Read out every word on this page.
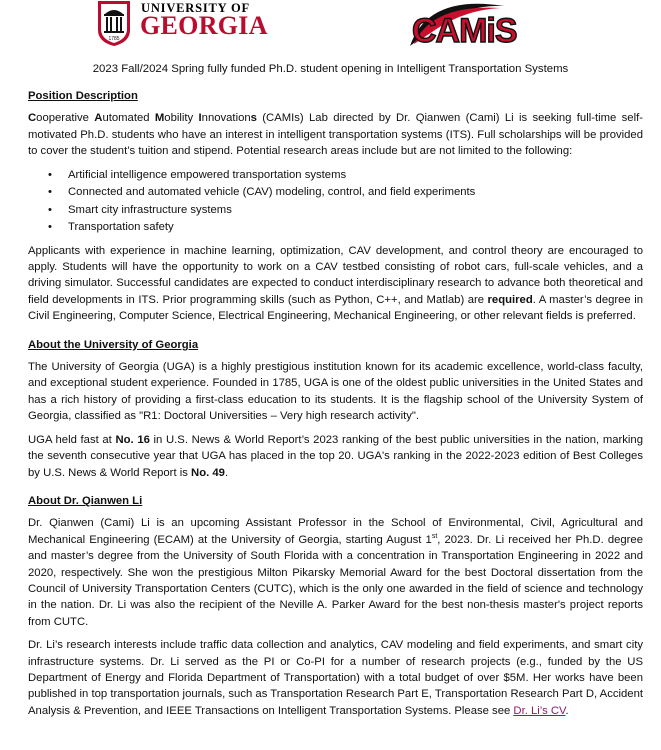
1785
UNIVERSITY OF
GEORGIA	CAMiS
2023 Fall/2024 Spring fully funded Ph.D. student opening in Intelligent Transportation Systems
Position Description

Cooperative Automated Mobility Innovations (CAMIs) Lab directed by Dr. Qianwen (Cami) Li is seeking full-time self-motivated Ph.D. students who have an interest in intelligent transportation systems (ITS). Full scholarships will be provided to cover the student’s tuition and stipend. Potential research areas include but are not limited to the following:

• Artificial intelligence empowered transportation systems
• Connected and automated vehicle (CAV) modeling, control, and field experiments
• Smart city infrastructure systems
• Transportation safety

Applicants with experience in machine learning, optimization, CAV development, and control theory are encouraged to apply. Students will have the opportunity to work on a CAV testbed consisting of robot cars, full-scale vehicles, and a driving simulator. Successful candidates are expected to conduct interdisciplinary research to advance both theoretical and field developments in ITS. Prior programming skills (such as Python, C++, and Matlab) are required. A master’s degree in Civil Engineering, Computer Science, Electrical Engineering, Mechanical Engineering, or other relevant fields is preferred.

About the University of Georgia

The University of Georgia (UGA) is a highly prestigious institution known for its academic excellence, world-class faculty, and exceptional student experience. Founded in 1785, UGA is one of the oldest public universities in the United States and has a rich history of providing a first-class education to its students. It is the flagship school of the University System of Georgia, classified as "R1: Doctoral Universities – Very high research activity".

UGA held fast at No. 16 in U.S. News & World Report’s 2023 ranking of the best public universities in the nation, marking the seventh consecutive year that UGA has placed in the top 20. UGA's ranking in the 2022-2023 edition of Best Colleges by U.S. News & World Report is No. 49.

About Dr. Qianwen Li

Dr. Qianwen (Cami) Li is an upcoming Assistant Professor in the School of Environmental, Civil, Agricultural and Mechanical Engineering (ECAM) at the University of Georgia, starting August 1st, 2023. Dr. Li received her Ph.D. degree and master’s degree from the University of South Florida with a concentration in Transportation Engineering in 2022 and 2020, respectively. She won the prestigious Milton Pikarsky Memorial Award for the best Doctoral dissertation from the Council of University Transportation Centers (CUTC), which is the only one awarded in the field of science and technology in the nation. Dr. Li was also the recipient of the Neville A. Parker Award for the best non-thesis master's project reports from CUTC.

Dr. Li’s research interests include traffic data collection and analytics, CAV modeling and field experiments, and smart city infrastructure systems. Dr. Li served as the PI or Co-PI for a number of research projects (e.g., funded by the US Department of Energy and Florida Department of Transportation) with a total budget of over $5M. Her works have been published in top transportation journals, such as Transportation Research Part E, Transportation Research Part D, Accident Analysis & Prevention, and IEEE Transactions on Intelligent Transportation Systems. Please see Dr. Li’s CV.
